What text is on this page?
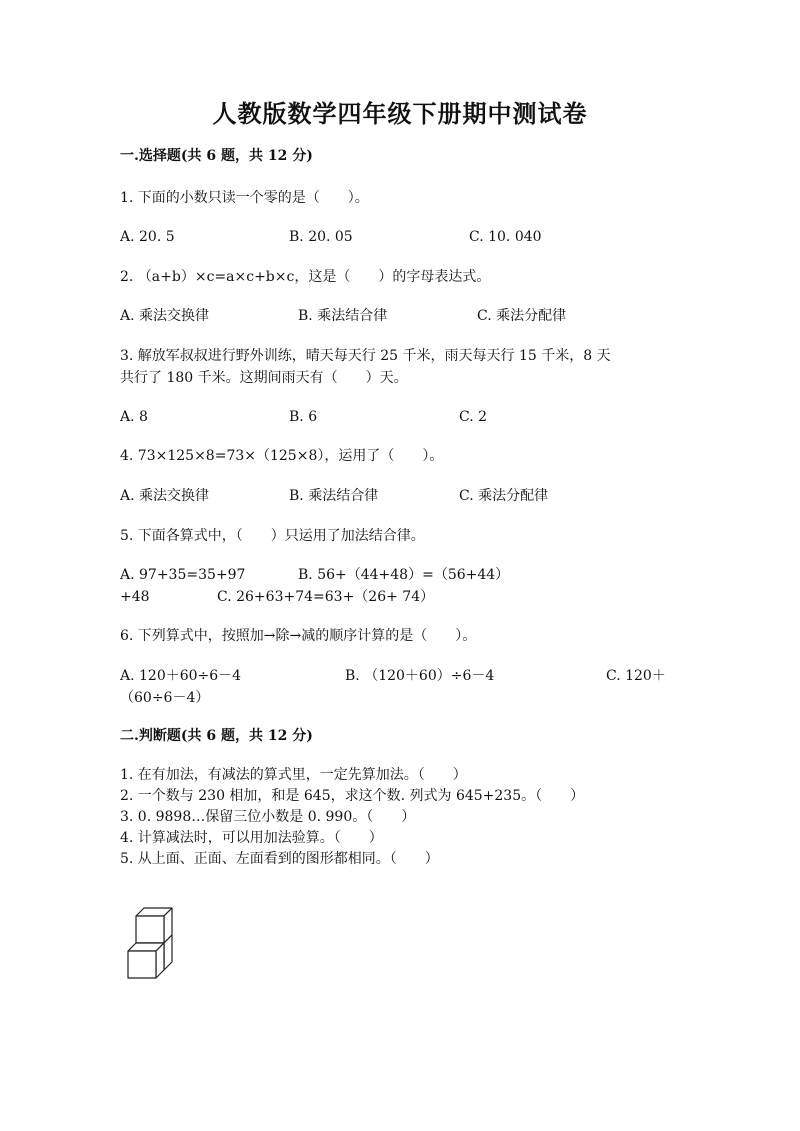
人教版数学四年级下册期中测试卷
一.选择题(共 6 题，共 12 分)
1. 下面的小数只读一个零的是（　　）。
A. 20. 5	B. 20. 05	C. 10. 040
2. （a+b）×c=a×c+b×c，这是（　　）的字母表达式。
A. 乘法交换律	B. 乘法结合律	C. 乘法分配律
3. 解放军叔叔进行野外训练，晴天每天行 25 千米，雨天每天行 15 千米，8 天
共行了 180 千米。这期间雨天有（　　）天。
A. 8	B. 6	C. 2
4. 73×125×8=73×（125×8），运用了（　　）。
A. 乘法交换律	B. 乘法结合律	C. 乘法分配律
5. 下面各算式中，（　　）只运用了加法结合律。
A. 97+35=35+97	B. 56+（44+48）=（56+44）
+48	C. 26+63+74=63+（26+ 74）
6. 下列算式中，按照加→除→减的顺序计算的是（　　）。
A. 120＋60÷6－4	B. （120＋60）÷6－4	C. 120＋
（60÷6－4）
二.判断题(共 6 题，共 12 分)
1. 在有加法，有减法的算式里，一定先算加法。（　　）
2. 一个数与 230 相加，和是 645，求这个数. 列式为 645+235。（　　）
3. 0. 9898…保留三位小数是 0. 990。（　　）
4. 计算减法时，可以用加法验算。（　　）
5. 从上面、正面、左面看到的图形都相同。（　　）
